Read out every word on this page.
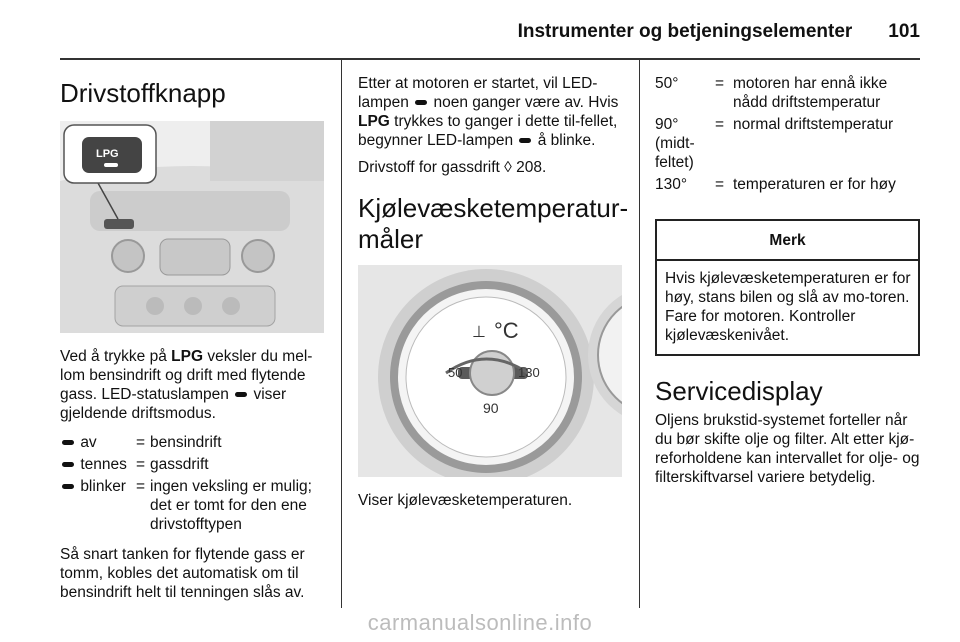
Instrumenter og betjeningselementer 101
Drivstoffknapp
LPG

Ved å trykke på LPG veksler du mel-lom bensindrift og drift med flytende gass. LED-statuslampen  viser gjeldende driftsmodus.

av	=	bensindrift
tennes	=	gassdrift
blinker	=	ingen veksling er mulig; det er tomt for den ene drivstofftypen

Så snart tanken for flytende gass er tomm, kobles det automatisk om til bensindrift helt til tenningen slås av.

Etter at motoren er startet, vil LED-lampen  noen ganger være av. Hvis LPG trykkes to ganger i dette til-fellet, begynner LED-lampen  å blinke.

Drivstoff for gassdrift ◊ 208.

Kjølevæsketemperatur-måler
°C
⊥
50	130
90

Viser kjølevæsketemperaturen.

50°	=	motoren har ennå ikke nådd driftstemperatur
90° (midt-feltet)	=	normal driftstemperatur
130°	=	temperaturen er for høy
Merk
Hvis kjølevæsketemperaturen er for høy, stans bilen og slå av mo-toren. Fare for motoren. Kontroller kjølevæskenivået.
Servicedisplay

Oljens brukstid-systemet forteller når du bør skifte olje og filter. Alt etter kjø-reforholdene kan intervallet for olje- og filterskiftvarsel variere betydelig.

carmanualsonline.info
